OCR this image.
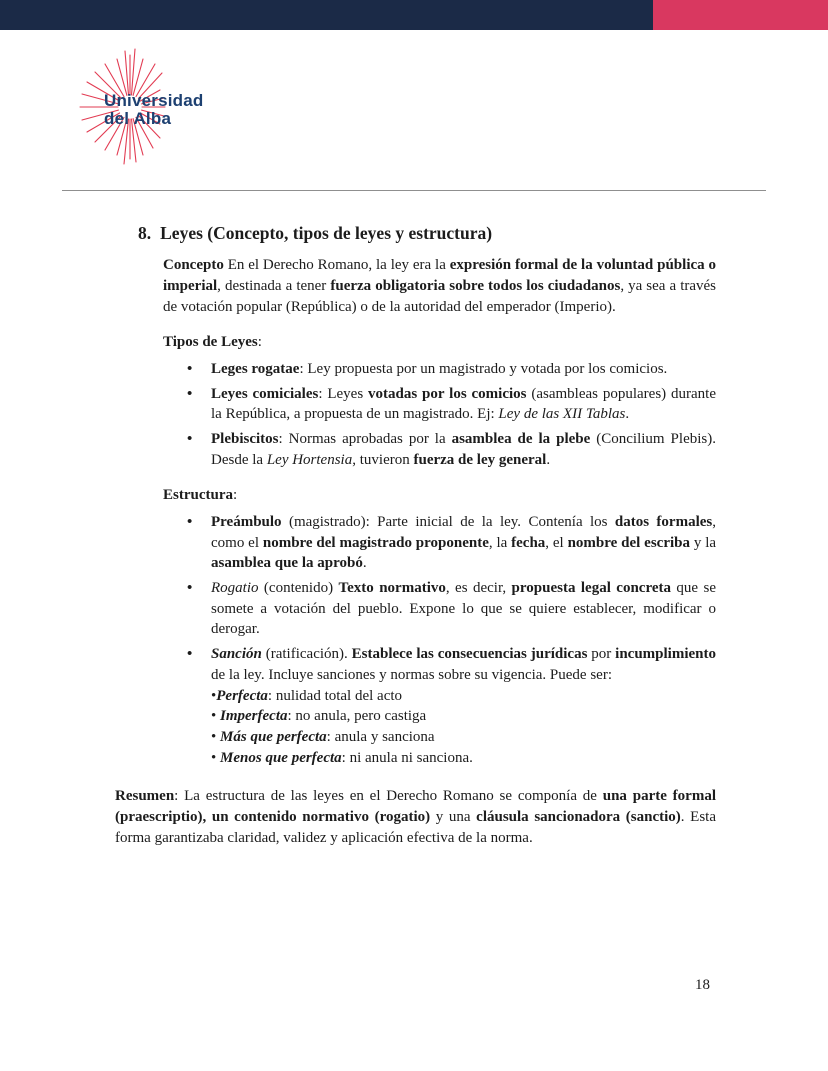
Universidad
del Alba
8. Leyes (Concepto, tipos de leyes y estructura)
Concepto En el Derecho Romano, la ley era la expresión formal de la voluntad pública o imperial, destinada a tener fuerza obligatoria sobre todos los ciudadanos, ya sea a través de votación popular (República) o de la autoridad del emperador (Imperio).
Tipos de Leyes:
• Leges rogatae: Ley propuesta por un magistrado y votada por los comicios.
• Leyes comiciales: Leyes votadas por los comicios (asambleas populares) durante la República, a propuesta de un magistrado. Ej: Ley de las XII Tablas.
• Plebiscitos: Normas aprobadas por la asamblea de la plebe (Concilium Plebis). Desde la Ley Hortensia, tuvieron fuerza de ley general.
Estructura:
• Preámbulo (magistrado): Parte inicial de la ley. Contenía los datos formales, como el nombre del magistrado proponente, la fecha, el nombre del escriba y la asamblea que la aprobó.
• Rogatio (contenido) Texto normativo, es decir, propuesta legal concreta que se somete a votación del pueblo. Expone lo que se quiere establecer, modificar o derogar.
• Sanción (ratificación). Establece las consecuencias jurídicas por incumplimiento de la ley. Incluye sanciones y normas sobre su vigencia. Puede ser:
•Perfecta: nulidad total del acto
• Imperfecta: no anula, pero castiga
• Más que perfecta: anula y sanciona
• Menos que perfecta: ni anula ni sanciona.
Resumen: La estructura de las leyes en el Derecho Romano se componía de una parte formal (praescriptio), un contenido normativo (rogatio) y una cláusula sancionadora (sanctio). Esta forma garantizaba claridad, validez y aplicación efectiva de la norma.
18
